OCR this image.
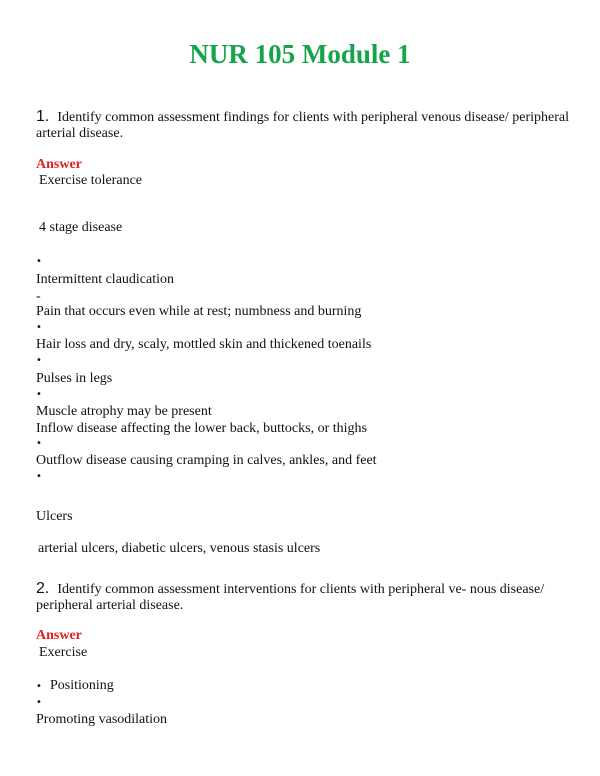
NUR 105 Module 1
1. Identify common assessment findings for clients with peripheral venous disease/ peripheral
arterial disease.
Answer
Exercise tolerance
4 stage disease
•
Intermittent claudication
-
Pain that occurs even while at rest; numbness and burning
•
Hair loss and dry, scaly, mottled skin and thickened toenails
•
Pulses in legs
•
Muscle atrophy may be present
Inflow disease affecting the lower back, buttocks, or thighs
•
Outflow disease causing cramping in calves, ankles, and feet
•
Ulcers
arterial ulcers, diabetic ulcers, venous stasis ulcers
2. Identify common assessment interventions for clients with peripheral ve- nous disease/
peripheral arterial disease.
Answer
Exercise
• Positioning
•
Promoting vasodilation
